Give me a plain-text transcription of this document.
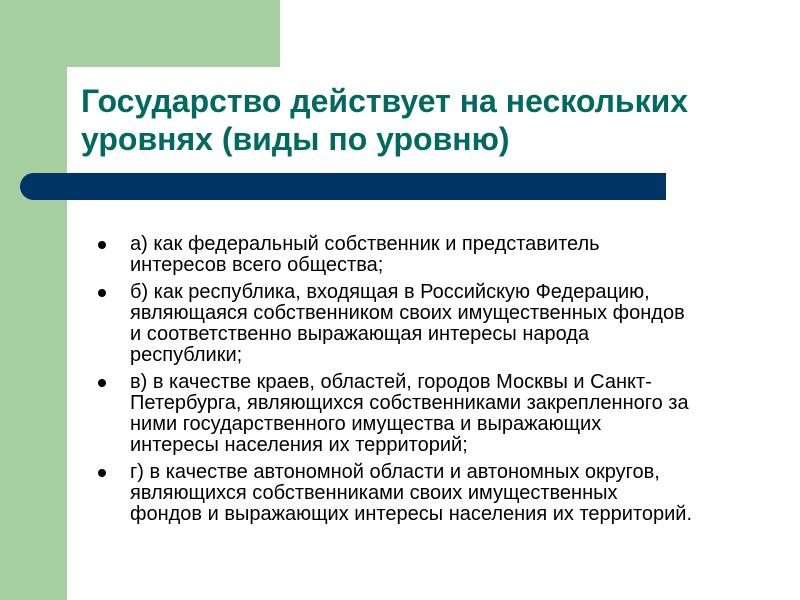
Государство действует на нескольких
уровнях (виды по уровню)
а) как федеральный собственник и представитель
интересов всего общества;
б) как республика, входящая в Российскую Федерацию,
являющаяся собственником своих имущественных фондов
и соответственно выражающая интересы народа
республики;
в) в качестве краев, областей, городов Москвы и Санкт-
Петербурга, являющихся собственниками закрепленного за
ними государственного имущества и выражающих
интересы населения их территорий;
г) в качестве автономной области и автономных округов,
являющихся собственниками своих имущественных
фондов и выражающих интересы населения их территорий.
